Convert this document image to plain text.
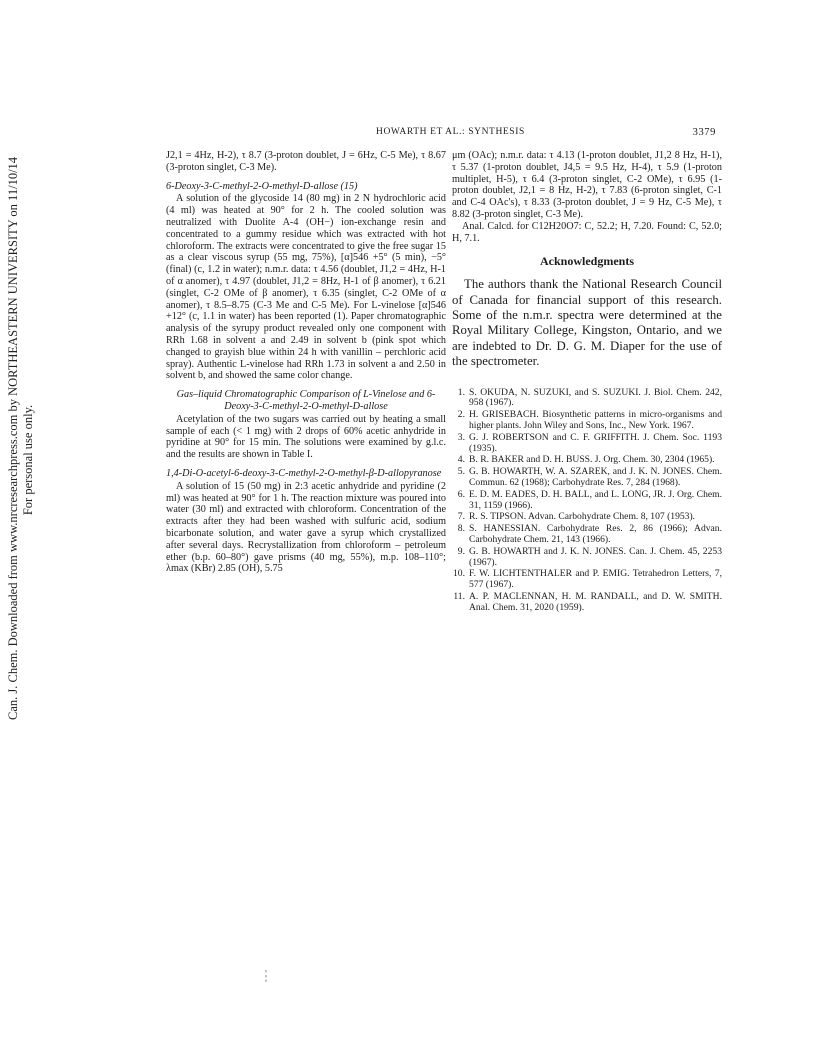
Can. J. Chem. Downloaded from www.nrcresearchpress.com by NORTHEASTERN UNIVERSITY on 11/10/14 For personal use only.
HOWARTH ET AL.: SYNTHESIS	3379

J2,1 = 4Hz, H-2), τ 8.7 (3-proton doublet, J = 6Hz, C-5 Me), τ 8.67 (3-proton singlet, C-3 Me).

6-Deoxy-3-C-methyl-2-O-methyl-D-allose (15)

A solution of the glycoside 14 (80 mg) in 2 N hydrochloric acid (4 ml) was heated at 90° for 2 h. The cooled solution was neutralized with Duolite A-4 (OH−) ion-exchange resin and concentrated to a gummy residue which was extracted with hot chloroform. The extracts were concentrated to give the free sugar 15 as a clear viscous syrup (55 mg, 75%), [α]546 +5° (5 min), −5° (final) (c, 1.2 in water); n.m.r. data: τ 4.56 (doublet, J1,2 = 4Hz, H-1 of α anomer), τ 4.97 (doublet, J1,2 = 8Hz, H-1 of β anomer), τ 6.21 (singlet, C-2 OMe of β anomer), τ 6.35 (singlet, C-2 OMe of α anomer), τ 8.5–8.75 (C-3 Me and C-5 Me). For L-vinelose [α]546 +12° (c, 1.1 in water) has been reported (1). Paper chromatographic analysis of the syrupy product revealed only one component with RRh 1.68 in solvent a and 2.49 in solvent b (pink spot which changed to grayish blue within 24 h with vanillin – perchloric acid spray). Authentic L-vinelose had RRh 1.73 in solvent a and 2.50 in solvent b, and showed the same color change.

Gas–liquid Chromatographic Comparison of L-Vinelose and 6-Deoxy-3-C-methyl-2-O-methyl-D-allose

Acetylation of the two sugars was carried out by heating a small sample of each (< 1 mg) with 2 drops of 60% acetic anhydride in pyridine at 90° for 15 min. The solutions were examined by g.l.c. and the results are shown in Table I.

1,4-Di-O-acetyl-6-deoxy-3-C-methyl-2-O-methyl-β-D-allopyranose

A solution of 15 (50 mg) in 2:3 acetic anhydride and pyridine (2 ml) was heated at 90° for 1 h. The reaction mixture was poured into water (30 ml) and extracted with chloroform. Concentration of the extracts after they had been washed with sulfuric acid, sodium bicarbonate solution, and water gave a syrup which crystallized after several days. Recrystallization from chloroform – petroleum ether (b.p. 60–80°) gave prisms (40 mg, 55%), m.p. 108–110°; λmax (KBr) 2.85 (OH), 5.75

μm (OAc); n.m.r. data: τ 4.13 (1-proton doublet, J1,2 8 Hz, H-1), τ 5.37 (1-proton doublet, J4,5 = 9.5 Hz, H-4), τ 5.9 (1-proton multiplet, H-5), τ 6.4 (3-proton singlet, C-2 OMe), τ 6.95 (1-proton doublet, J2,1 = 8 Hz, H-2), τ 7.83 (6-proton singlet, C-1 and C-4 OAc's), τ 8.33 (3-proton doublet, J = 9 Hz, C-5 Me), τ 8.82 (3-proton singlet, C-3 Me).

Anal. Calcd. for C12H20O7: C, 52.2; H, 7.20. Found: C, 52.0; H, 7.1.

Acknowledgments

The authors thank the National Research Council of Canada for financial support of this research. Some of the n.m.r. spectra were determined at the Royal Military College, Kingston, Ontario, and we are indebted to Dr. D. G. M. Diaper for the use of the spectrometer.

1. S. OKUDA, N. SUZUKI, and S. SUZUKI. J. Biol. Chem. 242, 958 (1967).
2. H. GRISEBACH. Biosynthetic patterns in micro-organisms and higher plants. John Wiley and Sons, Inc., New York. 1967.
3. G. J. ROBERTSON and C. F. GRIFFITH. J. Chem. Soc. 1193 (1935).
4. B. R. BAKER and D. H. BUSS. J. Org. Chem. 30, 2304 (1965).
5. G. B. HOWARTH, W. A. SZAREK, and J. K. N. JONES. Chem. Commun. 62 (1968); Carbohydrate Res. 7, 284 (1968).
6. E. D. M. EADES, D. H. BALL, and L. LONG, JR. J. Org. Chem. 31, 1159 (1966).
7. R. S. TIPSON. Advan. Carbohydrate Chem. 8, 107 (1953).
8. S. HANESSIAN. Carbohydrate Res. 2, 86 (1966); Advan. Carbohydrate Chem. 21, 143 (1966).
9. G. B. HOWARTH and J. K. N. JONES. Can. J. Chem. 45, 2253 (1967).
10. F. W. LICHTENTHALER and P. EMIG. Tetrahedron Letters, 7, 577 (1967).
11. A. P. MACLENNAN, H. M. RANDALL, and D. W. SMITH. Anal. Chem. 31, 2020 (1959).
